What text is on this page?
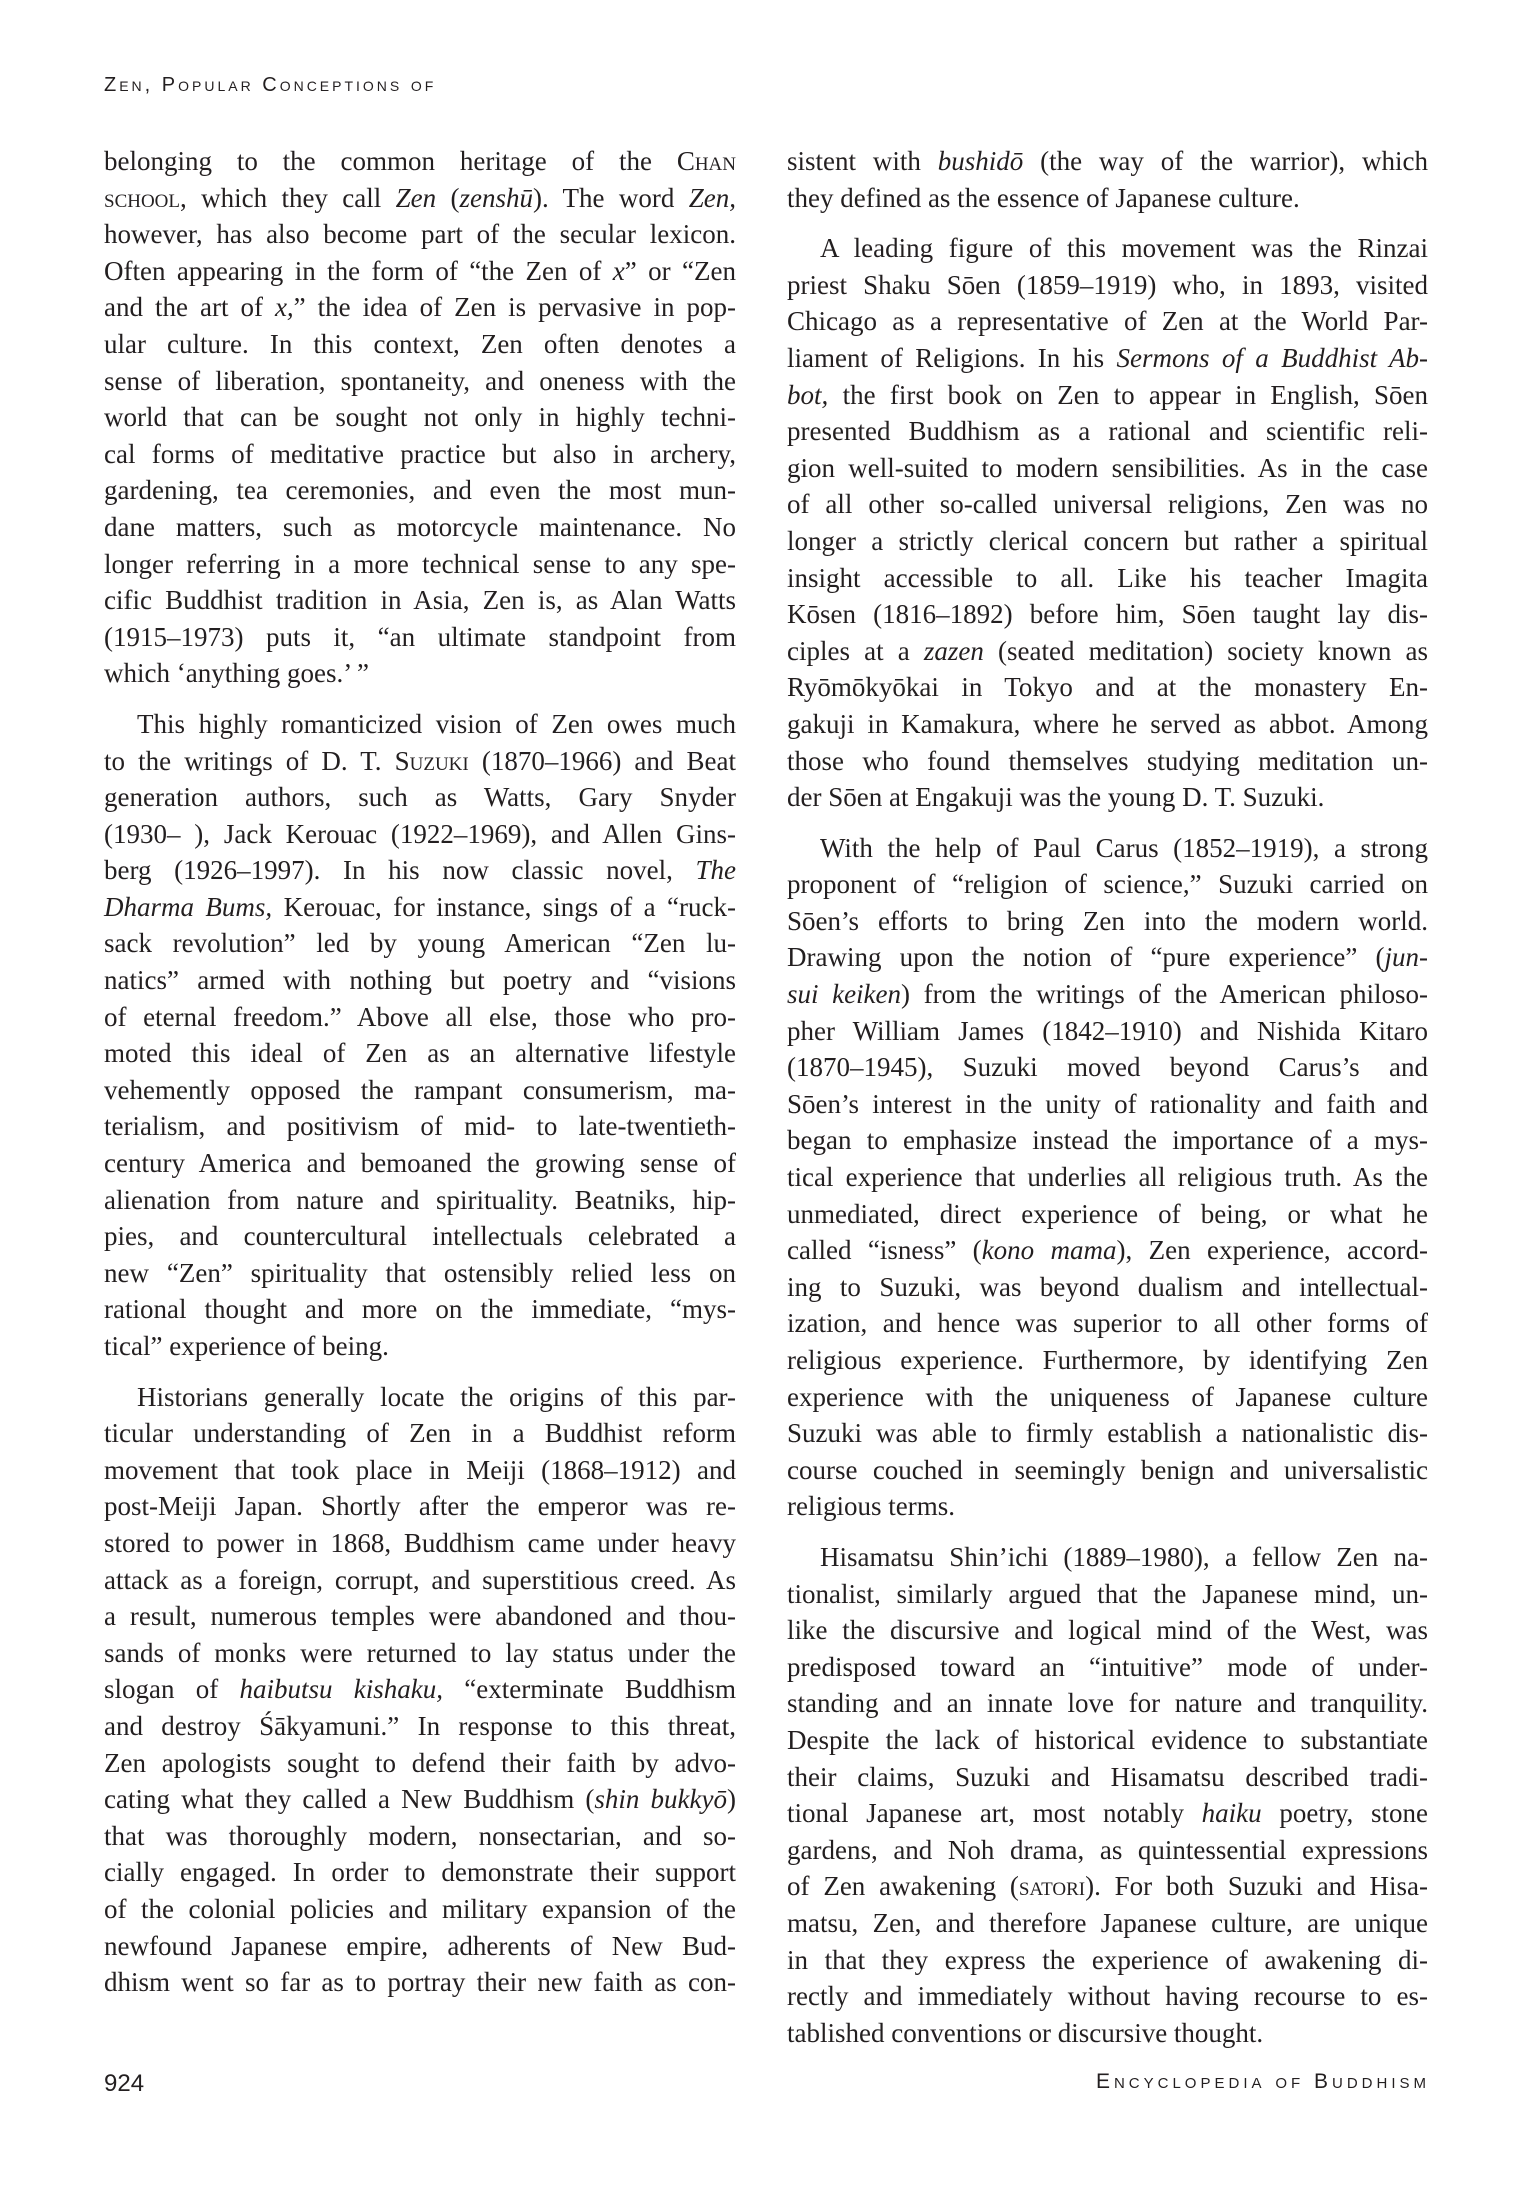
Zen, Popular Conceptions of
belonging to the common heritage of the Chan
school, which they call Zen (zenshū). The word Zen,
however, has also become part of the secular lexicon.
Often appearing in the form of “the Zen of x” or “Zen
and the art of x,” the idea of Zen is pervasive in pop-
ular culture. In this context, Zen often denotes a
sense of liberation, spontaneity, and oneness with the
world that can be sought not only in highly techni-
cal forms of meditative practice but also in archery,
gardening, tea ceremonies, and even the most mun-
dane matters, such as motorcycle maintenance. No
longer referring in a more technical sense to any spe-
cific Buddhist tradition in Asia, Zen is, as Alan Watts
(1915–1973) puts it, “an ultimate standpoint from
which ‘anything goes.’ ”
This highly romanticized vision of Zen owes much
to the writings of D. T. Suzuki (1870–1966) and Beat
generation authors, such as Watts, Gary Snyder
(1930– ), Jack Kerouac (1922–1969), and Allen Gins-
berg (1926–1997). In his now classic novel, The
Dharma Bums, Kerouac, for instance, sings of a “ruck-
sack revolution” led by young American “Zen lu-
natics” armed with nothing but poetry and “visions
of eternal freedom.” Above all else, those who pro-
moted this ideal of Zen as an alternative lifestyle
vehemently opposed the rampant consumerism, ma-
terialism, and positivism of mid- to late-twentieth-
century America and bemoaned the growing sense of
alienation from nature and spirituality. Beatniks, hip-
pies, and countercultural intellectuals celebrated a
new “Zen” spirituality that ostensibly relied less on
rational thought and more on the immediate, “mys-
tical” experience of being.
Historians generally locate the origins of this par-
ticular understanding of Zen in a Buddhist reform
movement that took place in Meiji (1868–1912) and
post-Meiji Japan. Shortly after the emperor was re-
stored to power in 1868, Buddhism came under heavy
attack as a foreign, corrupt, and superstitious creed. As
a result, numerous temples were abandoned and thou-
sands of monks were returned to lay status under the
slogan of haibutsu kishaku, “exterminate Buddhism
and destroy Śākyamuni.” In response to this threat,
Zen apologists sought to defend their faith by advo-
cating what they called a New Buddhism (shin bukkyō)
that was thoroughly modern, nonsectarian, and so-
cially engaged. In order to demonstrate their support
of the colonial policies and military expansion of the
newfound Japanese empire, adherents of New Bud-
dhism went so far as to portray their new faith as con-
sistent with bushidō (the way of the warrior), which
they defined as the essence of Japanese culture.
A leading figure of this movement was the Rinzai
priest Shaku Sōen (1859–1919) who, in 1893, visited
Chicago as a representative of Zen at the World Par-
liament of Religions. In his Sermons of a Buddhist Ab-
bot, the first book on Zen to appear in English, Sōen
presented Buddhism as a rational and scientific reli-
gion well-suited to modern sensibilities. As in the case
of all other so-called universal religions, Zen was no
longer a strictly clerical concern but rather a spiritual
insight accessible to all. Like his teacher Imagita
Kōsen (1816–1892) before him, Sōen taught lay dis-
ciples at a zazen (seated meditation) society known as
Ryōmōkyōkai in Tokyo and at the monastery En-
gakuji in Kamakura, where he served as abbot. Among
those who found themselves studying meditation un-
der Sōen at Engakuji was the young D. T. Suzuki.
With the help of Paul Carus (1852–1919), a strong
proponent of “religion of science,” Suzuki carried on
Sōen’s efforts to bring Zen into the modern world.
Drawing upon the notion of “pure experience” (jun-
sui keiken) from the writings of the American philoso-
pher William James (1842–1910) and Nishida Kitaro
(1870–1945), Suzuki moved beyond Carus’s and
Sōen’s interest in the unity of rationality and faith and
began to emphasize instead the importance of a mys-
tical experience that underlies all religious truth. As the
unmediated, direct experience of being, or what he
called “isness” (kono mama), Zen experience, accord-
ing to Suzuki, was beyond dualism and intellectual-
ization, and hence was superior to all other forms of
religious experience. Furthermore, by identifying Zen
experience with the uniqueness of Japanese culture
Suzuki was able to firmly establish a nationalistic dis-
course couched in seemingly benign and universalistic
religious terms.
Hisamatsu Shin’ichi (1889–1980), a fellow Zen na-
tionalist, similarly argued that the Japanese mind, un-
like the discursive and logical mind of the West, was
predisposed toward an “intuitive” mode of under-
standing and an innate love for nature and tranquility.
Despite the lack of historical evidence to substantiate
their claims, Suzuki and Hisamatsu described tradi-
tional Japanese art, most notably haiku poetry, stone
gardens, and Noh drama, as quintessential expressions
of Zen awakening (satori). For both Suzuki and Hisa-
matsu, Zen, and therefore Japanese culture, are unique
in that they express the experience of awakening di-
rectly and immediately without having recourse to es-
tablished conventions or discursive thought.
924	Encyclopedia of Buddhism
